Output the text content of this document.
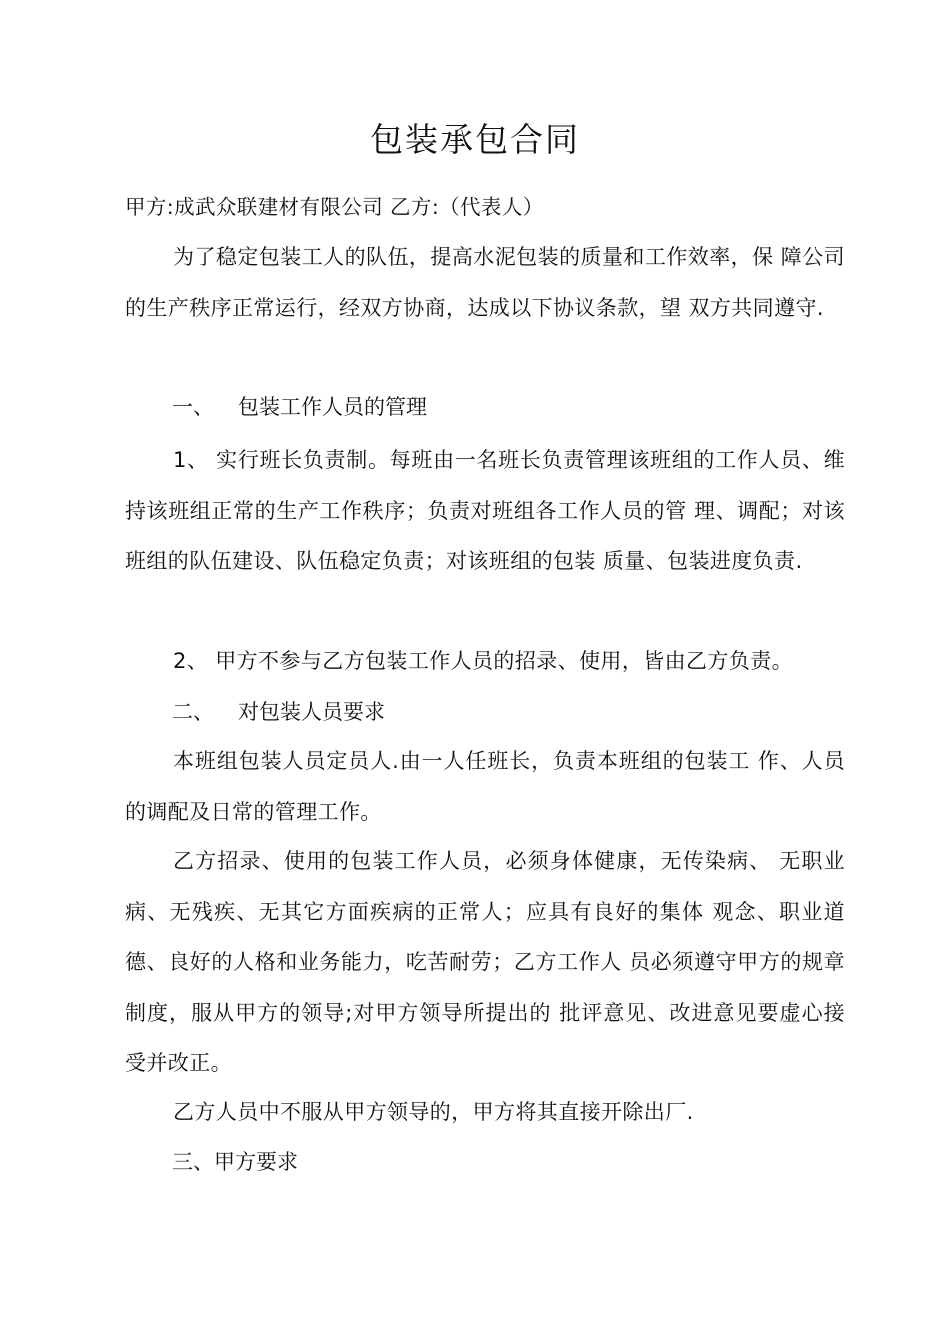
包装承包合同
甲方:成武众联建材有限公司 乙方:（代表人）
为了稳定包装工人的队伍，提高水泥包装的质量和工作效率，保 障公司的生产秩序正常运行，经双方协商，达成以下协议条款，望 双方共同遵守.
一、 包装工作人员的管理
1、 实行班长负责制。每班由一名班长负责管理该班组的工作人员、维持该班组正常的生产工作秩序；负责对班组各工作人员的管 理、调配；对该班组的队伍建设、队伍稳定负责；对该班组的包装 质量、包装进度负责.
2、 甲方不参与乙方包装工作人员的招录、使用，皆由乙方负责。
二、 对包装人员要求
本班组包装人员定员人.由一人任班长，负责本班组的包装工 作、人员的调配及日常的管理工作。
乙方招录、使用的包装工作人员，必须身体健康，无传染病、 无职业病、无残疾、无其它方面疾病的正常人；应具有良好的集体 观念、职业道德、良好的人格和业务能力，吃苦耐劳；乙方工作人 员必须遵守甲方的规章制度，服从甲方的领导;对甲方领导所提出的 批评意见、改进意见要虚心接受并改正。
乙方人员中不服从甲方领导的，甲方将其直接开除出厂.
三、甲方要求
